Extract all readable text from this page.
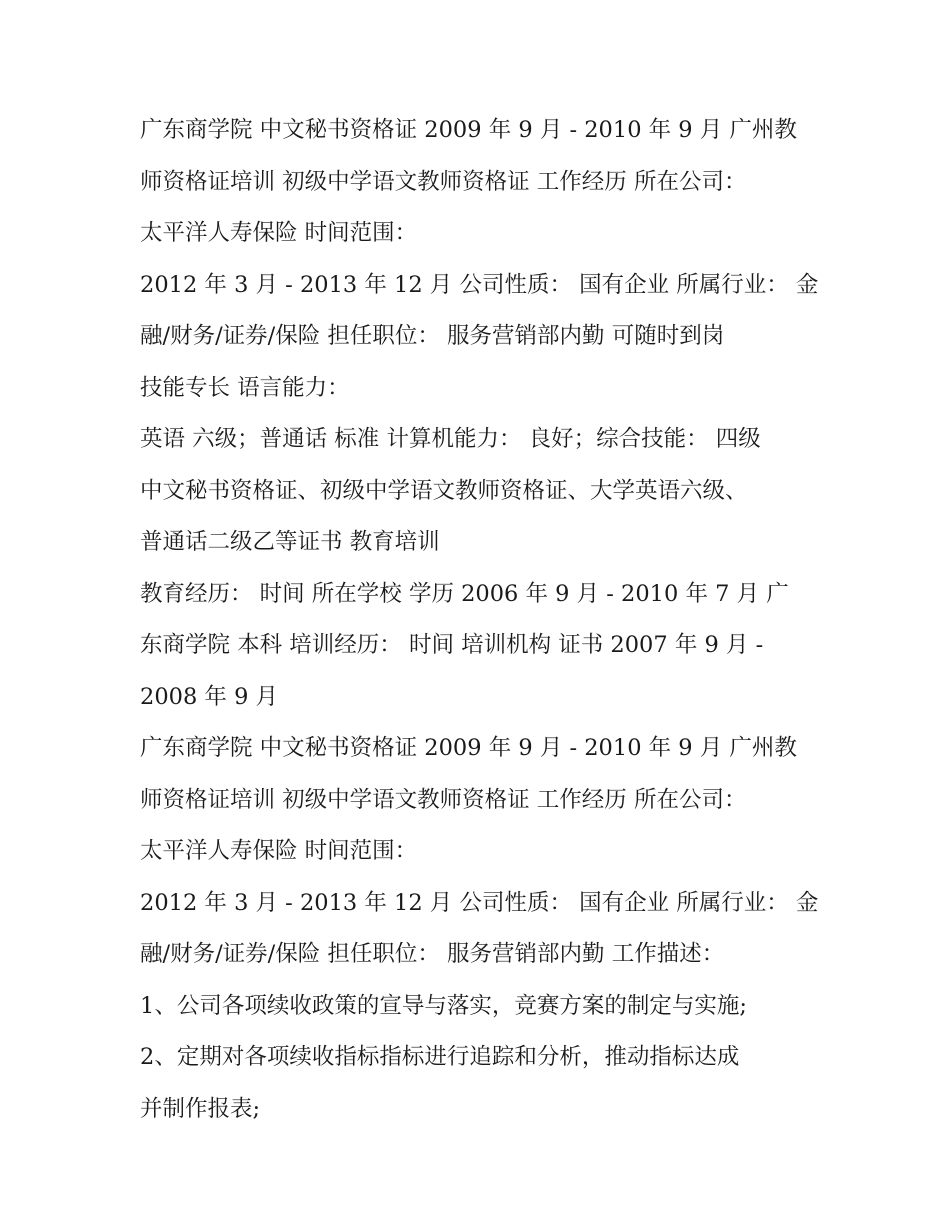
广东商学院 中文秘书资格证 2009 年 9 月 - 2010 年 9 月 广州教
师资格证培训 初级中学语文教师资格证 工作经历 所在公司：
太平洋人寿保险 时间范围：
2012 年 3 月 - 2013 年 12 月 公司性质： 国有企业 所属行业： 金
融/财务/证券/保险 担任职位： 服务营销部内勤 可随时到岗
技能专长 语言能力：
英语 六级；普通话 标准 计算机能力： 良好；综合技能： 四级
中文秘书资格证、初级中学语文教师资格证、大学英语六级、
普通话二级乙等证书 教育培训
教育经历： 时间 所在学校 学历 2006 年 9 月 - 2010 年 7 月 广
东商学院 本科 培训经历： 时间 培训机构 证书 2007 年 9 月 -
2008 年 9 月
广东商学院 中文秘书资格证 2009 年 9 月 - 2010 年 9 月 广州教
师资格证培训 初级中学语文教师资格证 工作经历 所在公司：
太平洋人寿保险 时间范围：
2012 年 3 月 - 2013 年 12 月 公司性质： 国有企业 所属行业： 金
融/财务/证券/保险 担任职位： 服务营销部内勤 工作描述：
1、公司各项续收政策的宣导与落实，竞赛方案的制定与实施;
2、定期对各项续收指标指标进行追踪和分析，推动指标达成
并制作报表;
